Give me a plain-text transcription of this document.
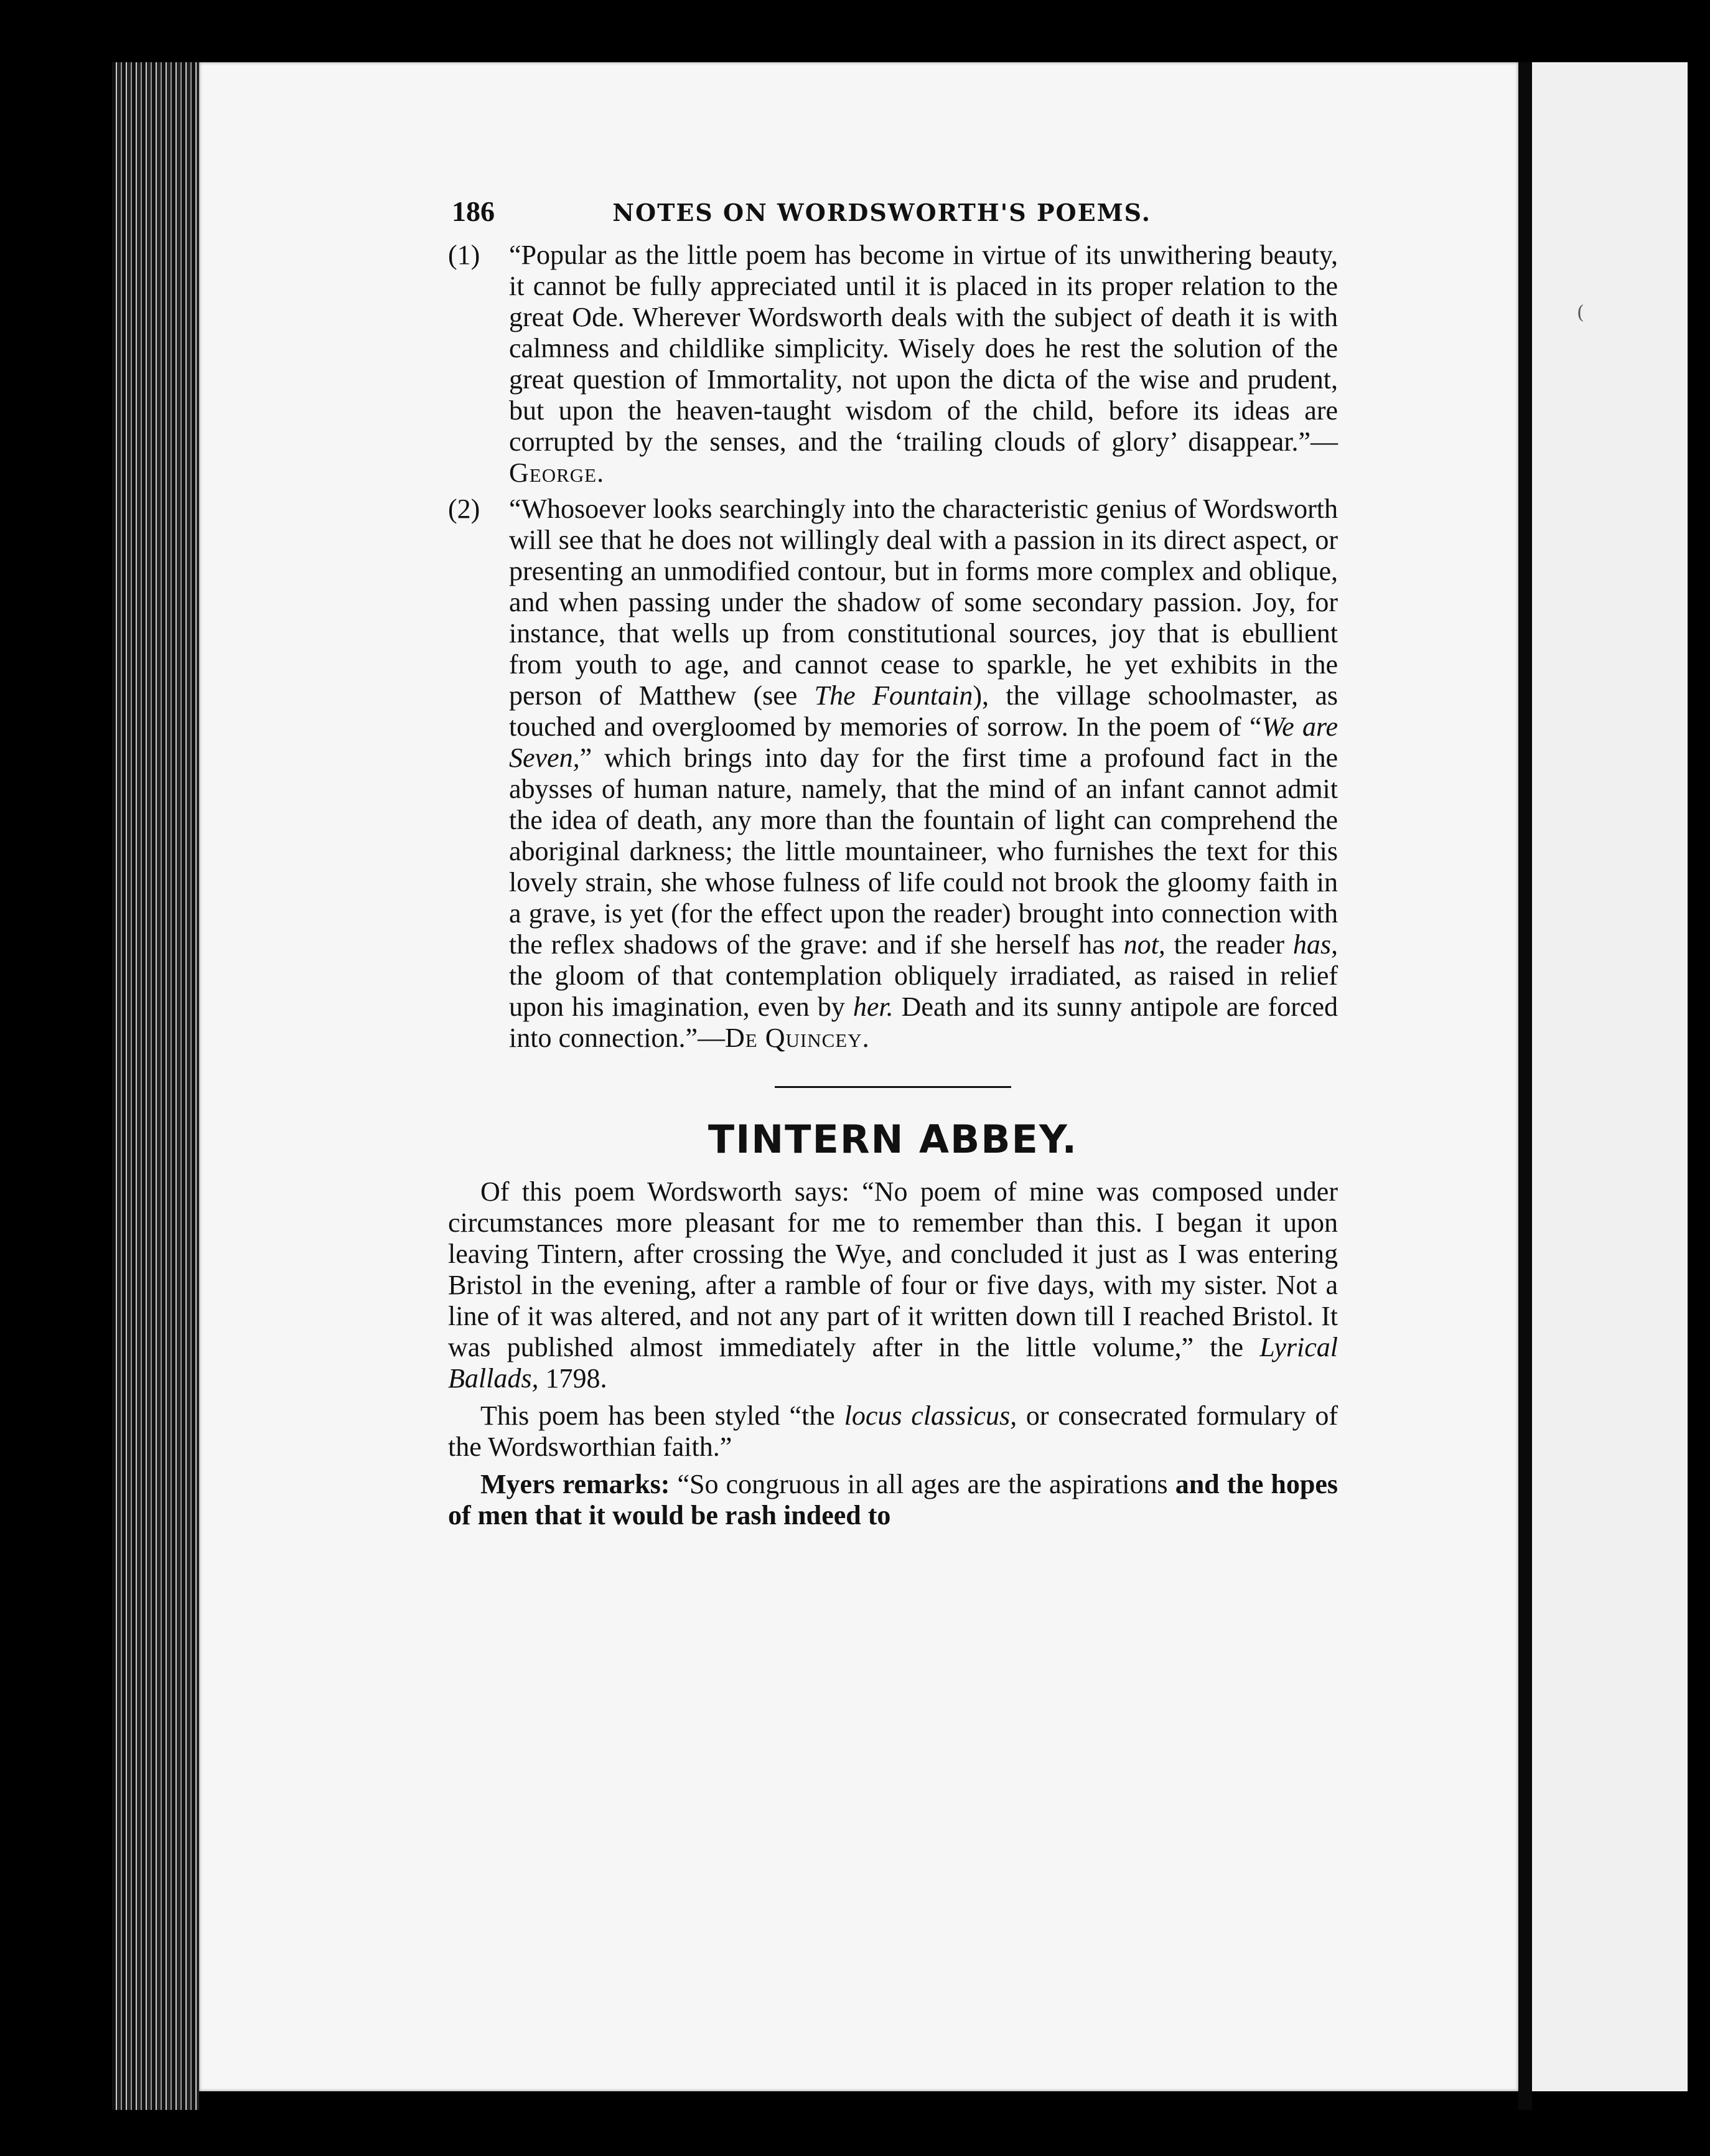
(
186	NOTES ON WORDSWORTH'S POEMS.
(1) “Popular as the little poem has become in virtue of its unwithering beauty, it cannot be fully appreciated until it is placed in its proper relation to the great Ode. Wherever Wordsworth deals with the subject of death it is with calmness and childlike simplicity. Wisely does he rest the solution of the great question of Immortality, not upon the dicta of the wise and prudent, but upon the heaven-taught wisdom of the child, before its ideas are corrupted by the senses, and the ‘trailing clouds of glory’ disappear.”—George.
(2) “Whosoever looks searchingly into the characteristic genius of Wordsworth will see that he does not willingly deal with a passion in its direct aspect, or presenting an unmodified contour, but in forms more complex and oblique, and when passing under the shadow of some secondary passion. Joy, for instance, that wells up from constitutional sources, joy that is ebullient from youth to age, and cannot cease to sparkle, he yet exhibits in the person of Matthew (see The Fountain), the village schoolmaster, as touched and overgloomed by memories of sorrow. In the poem of “We are Seven,” which brings into day for the first time a profound fact in the abysses of human nature, namely, that the mind of an infant cannot admit the idea of death, any more than the fountain of light can comprehend the aboriginal darkness; the little mountaineer, who furnishes the text for this lovely strain, she whose fulness of life could not brook the gloomy faith in a grave, is yet (for the effect upon the reader) brought into connection with the reflex shadows of the grave: and if she herself has not, the reader has, the gloom of that contemplation obliquely irradiated, as raised in relief upon his imagination, even by her. Death and its sunny antipole are forced into connection.”—De Quincey.
TINTERN ABBEY.

Of this poem Wordsworth says: “No poem of mine was composed under circumstances more pleasant for me to remember than this. I began it upon leaving Tintern, after crossing the Wye, and concluded it just as I was entering Bristol in the evening, after a ramble of four or five days, with my sister. Not a line of it was altered, and not any part of it written down till I reached Bristol. It was published almost immediately after in the little volume,” the Lyrical Ballads, 1798.

This poem has been styled “the locus classicus, or consecrated formulary of the Wordsworthian faith.”

Myers remarks: “So congruous in all ages are the aspirations and the hopes of men that it would be rash indeed to
